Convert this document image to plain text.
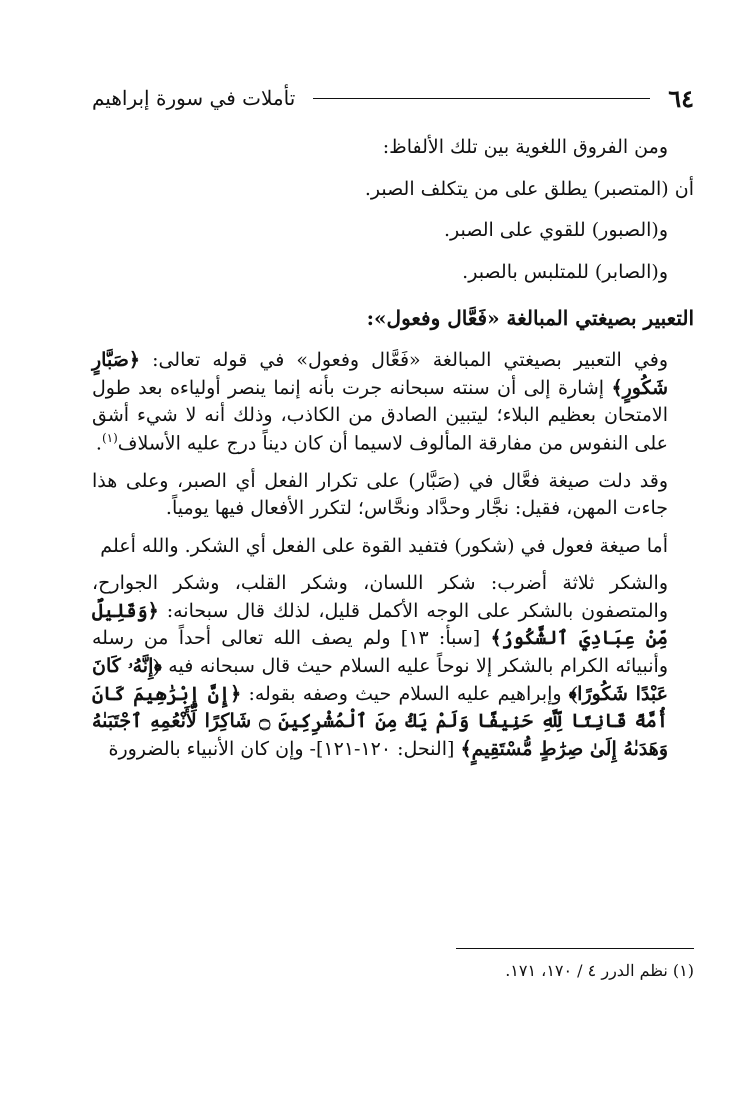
٦٤
تأملات في سورة إبراهيم

ومن الفروق اللغوية بين تلك الألفاظ:

أن (المتصبر) يطلق على من يتكلف الصبر.

و(الصبور) للقوي على الصبر.

و(الصابر) للمتلبس بالصبر.

التعبير بصيغتي المبالغة «فَعَّال وفعول»:

وفي التعبير بصيغتي المبالغة «فَعَّال وفعول» في قوله تعالى: ﴿صَبَّارٍ شَكُورٍ﴾ إشارة إلى أن سنته سبحانه جرت بأنه إنما ينصر أولياءه بعد طول الامتحان بعظيم البلاء؛ ليتبين الصادق من الكاذب، وذلك أنه لا شيء أشق على النفوس من مفارقة المألوف لاسيما أن كان ديناً درج عليه الأسلاف$^{(١)}$.

وقد دلت صيغة فعَّال في (صَبَّار) على تكرار الفعل أي الصبر، وعلى هذا جاءت المهن، فقيل: نجَّار وحدَّاد ونحَّاس؛ لتكرر الأفعال فيها يومياً.

أما صيغة فعول في (شكور) فتفيد القوة على الفعل أي الشكر. والله أعلم

والشكر ثلاثة أضرب: شكر اللسان، وشكر القلب، وشكر الجوارح، والمتصفون بالشكر على الوجه الأكمل قليل، لذلك قال سبحانه: ﴿وَقَلِيلٌ مِّنْ عِبَادِيَ ٱلشَّكُورُ﴾ [سبأ: ١٣] ولم يصف الله تعالى أحداً من رسله وأنبيائه الكرام بالشكر إلا نوحاً عليه السلام حيث قال سبحانه فيه ﴿إِنَّهُۥ كَانَ عَبْدًا شَكُورًا﴾ وإبراهيم عليه السلام حيث وصفه بقوله: ﴿إِنَّ إِبْرَٰهِيمَ كَانَ أُمَّةً قَانِتًا لِّلَّهِ حَنِيفًا وَلَمْ يَكُ مِنَ ٱلْمُشْرِكِينَ ۝ شَاكِرًا لِّأَنْعُمِهِ ٱجْتَبَىٰهُ وَهَدَىٰهُ إِلَىٰ صِرَٰطٍ مُّسْتَقِيمٍ﴾ [النحل: ١٢٠-١٢١]- وإن كان الأنبياء بالضرورة

(١) نظم الدرر ٤ / ١٧٠، ١٧١.
